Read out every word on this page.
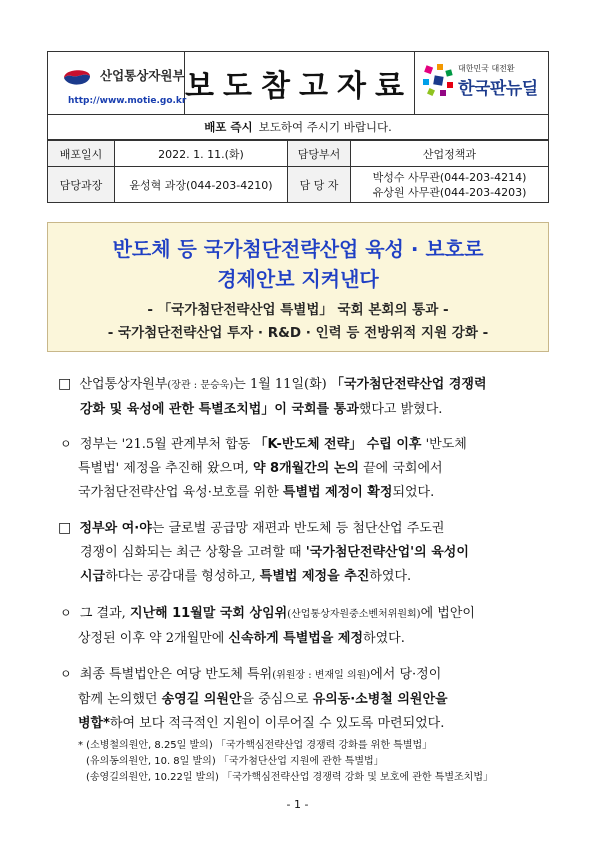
산업통상자원부
http://www.motie.go.kr
보도참고자료
대한민국 대전환
한국판뉴딜
배포 즉시 보도하여 주시기 바랍니다.
배포일시	2022. 1. 11.(화)	담당부서	산업정책과
담당과장	윤성혁 과장(044-203-4210)	담 당 자	박성수 사무관(044-203-4214)
유상원 사무관(044-203-4203)
반도체 등 국가첨단전략산업 육성 · 보호로
경제안보 지켜낸다
- 「국가첨단전략산업 특별법」 국회 본회의 통과 -
- 국가첨단전략산업 투자 · R&D · 인력 등 전방위적 지원 강화 -
□ 산업통상자원부(장관 : 문승욱)는 1월 11일(화) 「국가첨단전략산업 경쟁력
강화 및 육성에 관한 특별조치법」이 국회를 통과했다고 밝혔다.
ㅇ 정부는 '21.5월 관계부처 합동 「K-반도체 전략」 수립 이후 '반도체
특별법' 제정을 추진해 왔으며, 약 8개월간의 논의 끝에 국회에서
국가첨단전략산업 육성·보호를 위한 특별법 제정이 확정되었다.
□ 정부와 여·야는 글로벌 공급망 재편과 반도체 등 첨단산업 주도권
경쟁이 심화되는 최근 상황을 고려할 때 '국가첨단전략산업'의 육성이
시급하다는 공감대를 형성하고, 특별법 제정을 추진하였다.
ㅇ 그 결과, 지난해 11월말 국회 상임위(산업통상자원중소벤처위원회)에 법안이
상정된 이후 약 2개월만에 신속하게 특별법을 제정하였다.
ㅇ 최종 특별법안은 여당 반도체 특위(위원장 : 변재일 의원)에서 당·정이
함께 논의했던 송영길 의원안을 중심으로 유의동·소병철 의원안을
병합*하여 보다 적극적인 지원이 이루어질 수 있도록 마련되었다.
* (소병철의원안, 8.25일 발의) 「국가핵심전략산업 경쟁력 강화를 위한 특별법」
(유의동의원안, 10. 8일 발의) 「국가첨단산업 지원에 관한 특별법」
(송영길의원안, 10.22일 발의) 「국가핵심전략산업 경쟁력 강화 및 보호에 관한 특별조치법」
- 1 -
